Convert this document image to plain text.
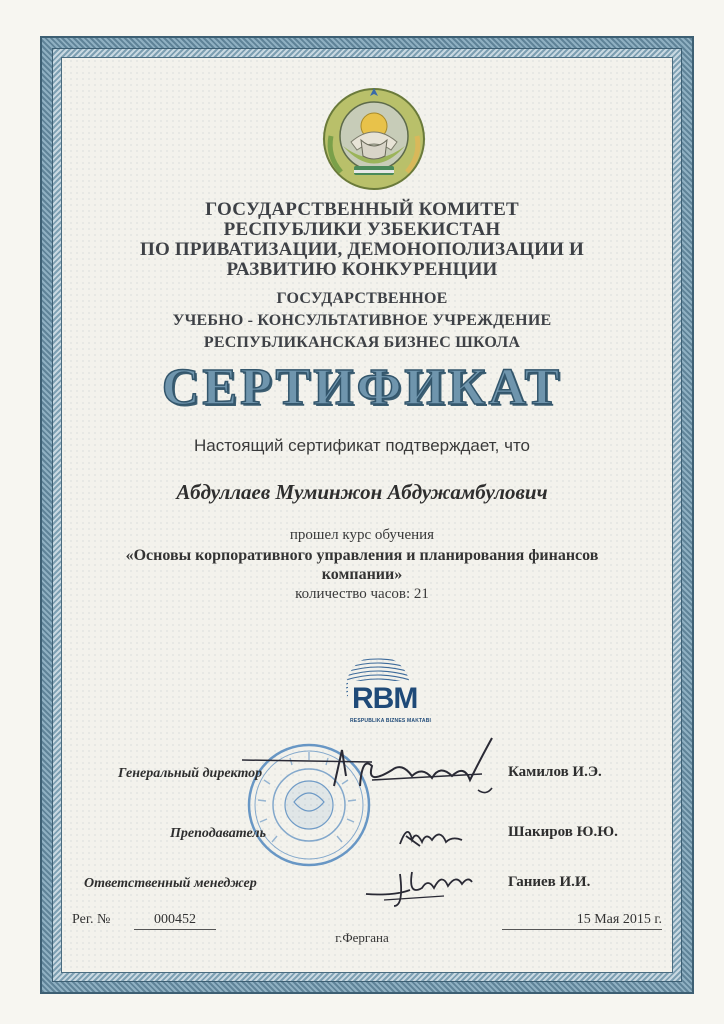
ГОСУДАРСТВЕННЫЙ КОМИТЕТ
РЕСПУБЛИКИ УЗБЕКИСТАН
ПО ПРИВАТИЗАЦИИ, ДЕМОНОПОЛИЗАЦИИ И
РАЗВИТИЮ КОНКУРЕНЦИИ
ГОСУДАРСТВЕННОЕ
УЧЕБНО - КОНСУЛЬТАТИВНОЕ УЧРЕЖДЕНИЕ
РЕСПУБЛИКАНСКАЯ БИЗНЕС ШКОЛА
СЕРТИФИКАТ
Настоящий сертификат подтверждает, что
Абдуллаев Муминжон Абдужамбулович
прошел курс обучения
«Основы корпоративного управления и планирования финансов компании»
количество часов: 21
RBM
RESPUBLIKA BIZNES MAKTABI
Генеральный директор	Камилов И.Э.
Преподаватель	Шакиров Ю.Ю.
Ответственный менеджер	Ганиев И.И.
Рег. №	000452	15 Мая 2015 г.
г.Фергана
